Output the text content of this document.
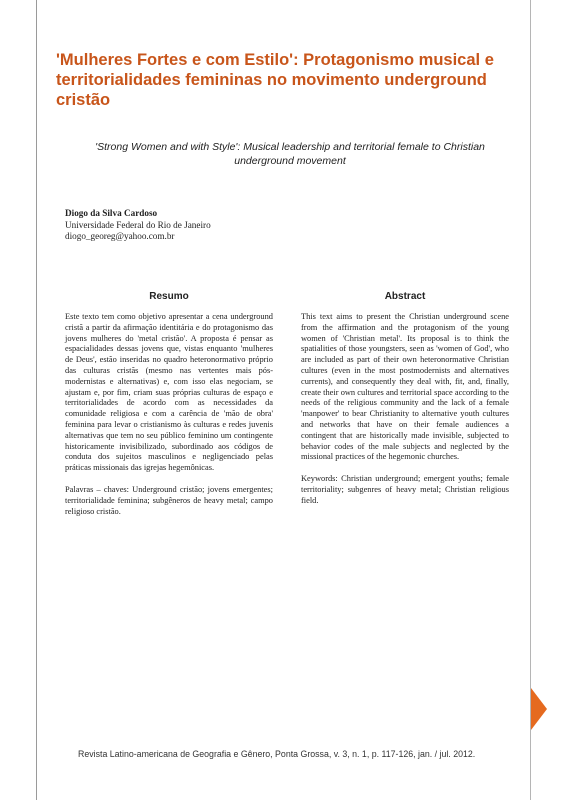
'Mulheres Fortes e com Estilo': Protagonismo musical e territorialidades femininas no movimento underground cristão
'Strong Women and with Style': Musical leadership and territorial female to Christian underground movement
Diogo da Silva Cardoso
Universidade Federal do Rio de Janeiro
diogo_georeg@yahoo.com.br
Resumo

Este texto tem como objetivo apresentar a cena underground cristã a partir da afirmação identitária e do protagonismo das jovens mulheres do 'metal cristão'. A proposta é pensar as espacialidades dessas jovens que, vistas enquanto 'mulheres de Deus', estão inseridas no quadro heteronormativo próprio das culturas cristãs (mesmo nas vertentes mais pós-modernistas e alternativas) e, com isso elas negociam, se ajustam e, por fim, criam suas próprias culturas de espaço e territorialidades de acordo com as necessidades da comunidade religiosa e com a carência de 'mão de obra' feminina para levar o cristianismo às culturas e redes juvenis alternativas que tem no seu público feminino um contingente historicamente invisibilizado, subordinado aos códigos de conduta dos sujeitos masculinos e negligenciado pelas práticas missionais das igrejas hegemônicas.

Palavras – chaves: Underground cristão; jovens emergentes; territorialidade feminina; subgêneros de heavy metal; campo religioso cristão.

Abstract

This text aims to present the Christian underground scene from the affirmation and the protagonism of the young women of 'Christian metal'. Its proposal is to think the spatialities of those youngsters, seen as 'women of God', who are included as part of their own heteronormative Christian cultures (even in the most postmodernists and alternatives currents), and consequently they deal with, fit, and, finally, create their own cultures and territorial space according to the needs of the religious community and the lack of a female 'manpower' to bear Christianity to alternative youth cultures and networks that have on their female audiences a contingent that are historically made invisible, subjected to behavior codes of the male subjects and neglected by the missional practices of the hegemonic churches.

Keywords: Christian underground; emergent youths; female territoriality; subgenres of heavy metal; Christian religious field.

Revista Latino-americana de Geografia e Gênero, Ponta Grossa, v. 3, n. 1, p. 117-126, jan. / jul. 2012.
